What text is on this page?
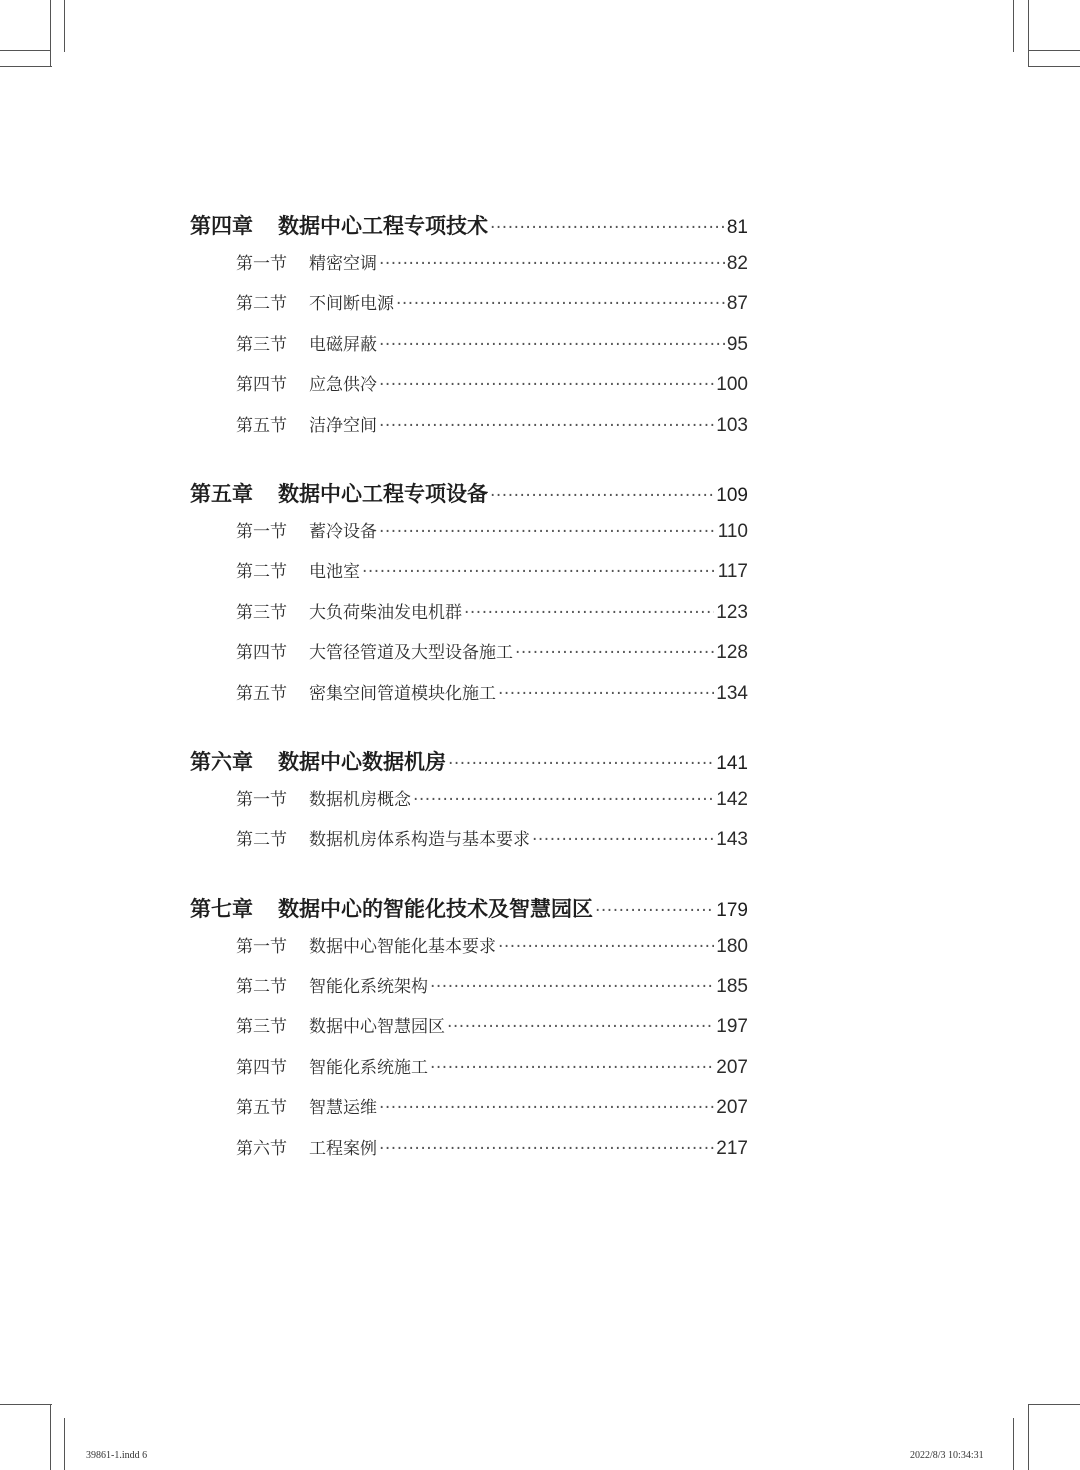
第四章	数据中心工程专项技术 ·····	81
第一节	精密空调 ·····	82
第二节	不间断电源 ·····	87
第三节	电磁屏蔽 ·····	95
第四节	应急供冷 ·····	100
第五节	洁净空间 ·····	103
第五章	数据中心工程专项设备 ·····	109
第一节	蓄冷设备 ·····	110
第二节	电池室 ·····	117
第三节	大负荷柴油发电机群 ·····	123
第四节	大管径管道及大型设备施工 ·····	128
第五节	密集空间管道模块化施工 ·····	134
第六章	数据中心数据机房 ·····	141
第一节	数据机房概念 ·····	142
第二节	数据机房体系构造与基本要求 ·····	143
第七章	数据中心的智能化技术及智慧园区 ·····	179
第一节	数据中心智能化基本要求 ·····	180
第二节	智能化系统架构 ·····	185
第三节	数据中心智慧园区 ·····	197
第四节	智能化系统施工 ·····	207
第五节	智慧运维 ·····	207
第六节	工程案例 ·····	217
39861-1.indd 6	2022/8/3 10:34:31
